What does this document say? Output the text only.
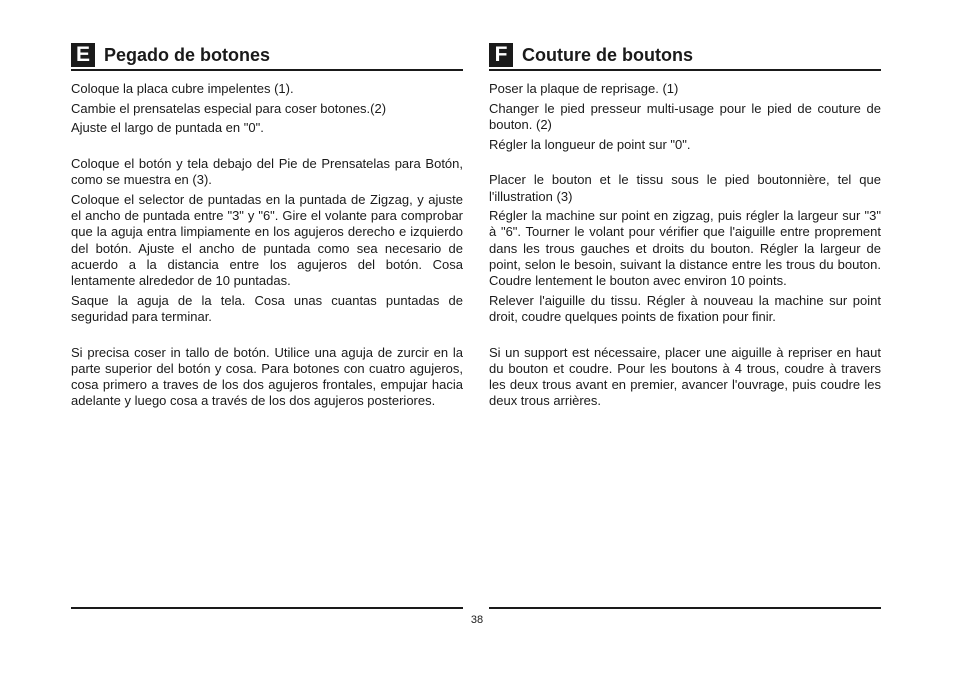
E Pegado de botones

Coloque la placa cubre impelentes (1).

Cambie el prensatelas especial para coser botones.(2)

Ajuste el largo de puntada en "0".

Coloque el botón y tela debajo del Pie de Prensatelas para Botón, como se muestra en (3).

Coloque el selector de puntadas en la puntada de Zigzag, y ajuste el ancho de puntada entre "3" y "6". Gire el volante para comprobar que la aguja entra limpiamente en los agujeros derecho e izquierdo del botón. Ajuste el ancho de puntada como sea necesario de acuerdo a la distancia entre los agujeros del botón. Cosa lentamente alrededor de 10 puntadas.

Saque la aguja de la tela. Cosa unas cuantas puntadas de seguridad para terminar.

Si precisa coser in tallo de botón. Utilice una aguja de zurcir en la parte superior del botón y cosa. Para botones con cuatro agujeros, cosa primero a traves de los dos agujeros frontales, empujar hacia adelante y luego cosa a través de los dos agujeros posteriores.

F Couture de boutons

Poser la plaque de reprisage. (1)

Changer le pied presseur multi-usage pour le pied de couture de bouton. (2)

Régler la longueur de point sur "0".

Placer le bouton et le tissu sous le pied boutonnière, tel que l'illustration (3)

Régler la machine sur point en zigzag, puis régler la largeur sur "3" à "6". Tourner le volant pour vérifier que l'aiguille entre proprement dans les trous gauches et droits du bouton. Régler la largeur de point, selon le besoin, suivant la distance entre les trous du bouton. Coudre lentement le bouton avec environ 10 points.

Relever l'aiguille du tissu. Régler à nouveau la machine sur point droit, coudre quelques points de fixation pour finir.

Si un support est nécessaire, placer une aiguille à repriser en haut du bouton et coudre. Pour les boutons à 4 trous, coudre à travers les deux trous avant en premier, avancer l'ouvrage, puis coudre les deux trous arrières.

38
